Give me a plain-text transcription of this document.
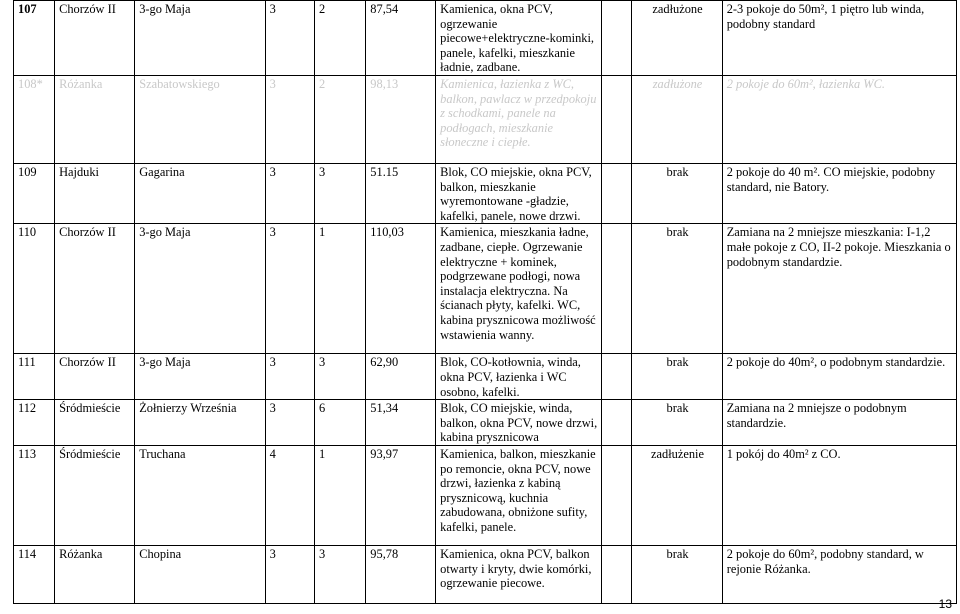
107	Chorzów II	3-go Maja	3	2	87,54	Kamienica, okna PCV, ogrzewanie piecowe+elektryczne-kominki, panele, kafelki, mieszkanie ładnie, zadbane.		zadłużone	2-3 pokoje do 50m², 1 piętro lub winda, podobny standard
108*	Różanka	Szabatowskiego	3	2	98,13	Kamienica, łazienka z WC, balkon, pawlacz w przedpokoju z schodkami, panele na podłogach, mieszkanie słoneczne i ciepłe.		zadłużone	2 pokoje do 60m², łazienka WC.
109	Hajduki	Gagarina	3	3	51.15	Blok, CO miejskie, okna PCV, balkon, mieszkanie wyremontowane -gładzie, kafelki, panele, nowe drzwi.		brak	2 pokoje do 40 m². CO miejskie, podobny standard, nie Batory.
110	Chorzów II	3-go Maja	3	1	110,03	Kamienica, mieszkania ładne, zadbane, ciepłe. Ogrzewanie elektryczne + kominek, podgrzewane podłogi, nowa instalacja elektryczna. Na ścianach płyty, kafelki. WC, kabina prysznicowa możliwość wstawienia wanny.		brak	Zamiana na 2 mniejsze mieszkania: I-1,2 małe pokoje z CO, II-2 pokoje. Mieszkania o podobnym standardzie.
111	Chorzów II	3-go Maja	3	3	62,90	Blok, CO-kotłownia, winda, okna PCV, łazienka i WC osobno, kafelki.		brak	2 pokoje do 40m², o podobnym standardzie.
112	Śródmieście	Żołnierzy Września	3	6	51,34	Blok, CO miejskie, winda, balkon, okna PCV, nowe drzwi, kabina prysznicowa		brak	Zamiana na 2 mniejsze o podobnym standardzie.
113	Śródmieście	Truchana	4	1	93,97	Kamienica, balkon, mieszkanie po remoncie, okna PCV, nowe drzwi, łazienka z kabiną prysznicową, kuchnia zabudowana, obniżone sufity, kafelki, panele.		zadłużenie	1 pokój do 40m² z CO.
114	Różanka	Chopina	3	3	95,78	Kamienica, okna PCV, balkon otwarty i kryty, dwie komórki, ogrzewanie piecowe.		brak	2 pokoje do 60m², podobny standard, w rejonie Różanka.
13
